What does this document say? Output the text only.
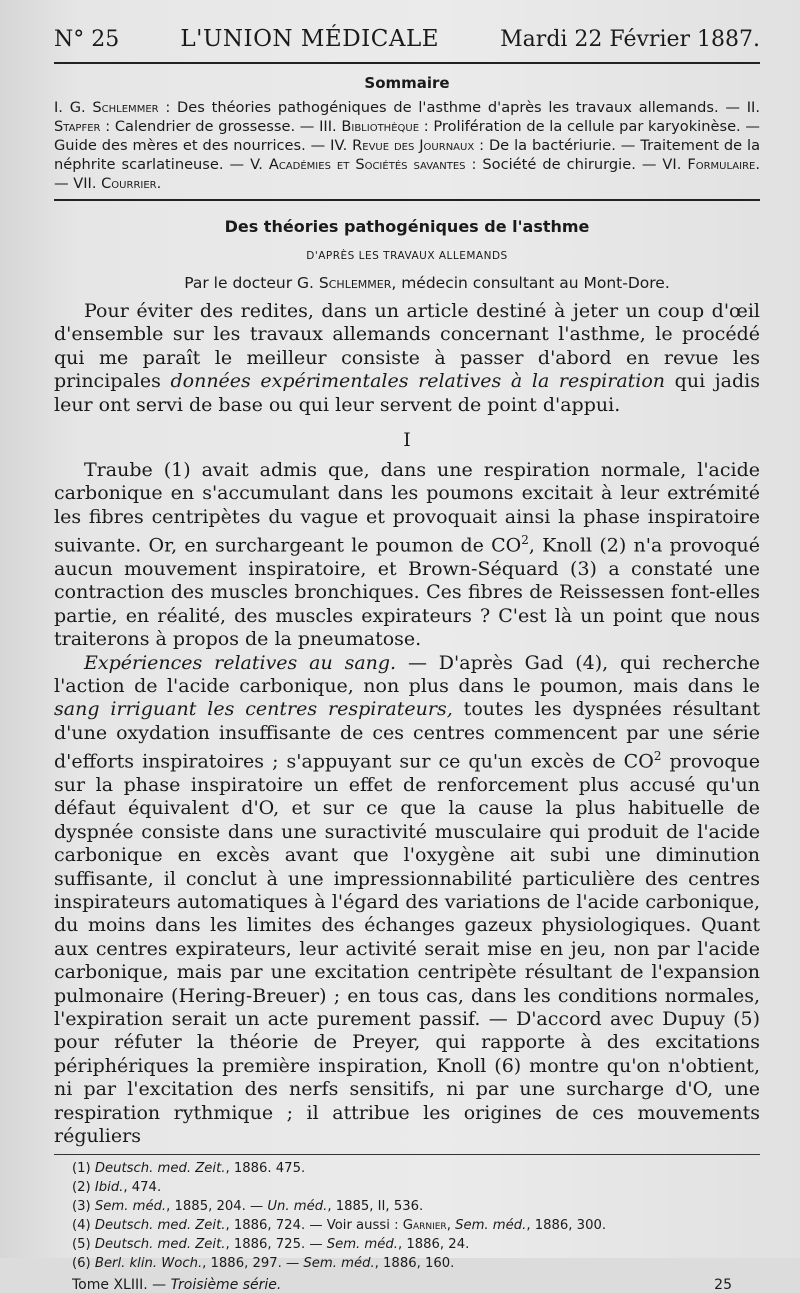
N° 25	L'UNION MÉDICALE	Mardi 22 Février 1887.
Sommaire

I. G. Schlemmer : Des théories pathogéniques de l'asthme d'après les travaux allemands. — II. Stapfer : Calendrier de grossesse. — III. Bibliothèque : Prolifération de la cellule par karyokinèse. — Guide des mères et des nourrices. — IV. Revue des Journaux : De la bactériurie. — Traitement de la néphrite scarlatineuse. — V. Académies et Sociétés savantes : Société de chirurgie. — VI. Formulaire. — VII. Courrier.

Des théories pathogéniques de l'asthme
D'APRÈS LES TRAVAUX ALLEMANDS
Par le docteur G. Schlemmer, médecin consultant au Mont-Dore.

Pour éviter des redites, dans un article destiné à jeter un coup d'œil d'ensemble sur les travaux allemands concernant l'asthme, le procédé qui me paraît le meilleur consiste à passer d'abord en revue les principales données expérimentales relatives à la respiration qui jadis leur ont servi de base ou qui leur servent de point d'appui.

I

Traube (1) avait admis que, dans une respiration normale, l'acide carbonique en s'accumulant dans les poumons excitait à leur extrémité les fibres centripètes du vague et provoquait ainsi la phase inspiratoire suivante. Or, en surchargeant le poumon de $CO^2$, Knoll (2) n'a provoqué aucun mouvement inspiratoire, et Brown-Séquard (3) a constaté une contraction des muscles bronchiques. Ces fibres de Reissessen font-elles partie, en réalité, des muscles expirateurs ? C'est là un point que nous traiterons à propos de la pneumatose.

Expériences relatives au sang. — D'après Gad (4), qui recherche l'action de l'acide carbonique, non plus dans le poumon, mais dans le sang irriguant les centres respirateurs, toutes les dyspnées résultant d'une oxydation insuffisante de ces centres commencent par une série d'efforts inspiratoires ; s'appuyant sur ce qu'un excès de $CO^2$ provoque sur la phase inspiratoire un effet de renforcement plus accusé qu'un défaut équivalent d'O, et sur ce que la cause la plus habituelle de dyspnée consiste dans une suractivité musculaire qui produit de l'acide carbonique en excès avant que l'oxygène ait subi une diminution suffisante, il conclut à une impressionnabilité particulière des centres inspirateurs automatiques à l'égard des variations de l'acide carbonique, du moins dans les limites des échanges gazeux physiologiques. Quant aux centres expirateurs, leur activité serait mise en jeu, non par l'acide carbonique, mais par une excitation centripète résultant de l'expansion pulmonaire (Hering-Breuer) ; en tous cas, dans les conditions normales, l'expiration serait un acte purement passif. — D'accord avec Dupuy (5) pour réfuter la théorie de Preyer, qui rapporte à des excitations périphériques la première inspiration, Knoll (6) montre qu'on n'obtient, ni par l'excitation des nerfs sensitifs, ni par une surcharge d'O, une respiration rythmique ; il attribue les origines de ces mouvements réguliers

(1) Deutsch. med. Zeit., 1886. 475.
(2) Ibid., 474.
(3) Sem. méd., 1885, 204. — Un. méd., 1885, II, 536.
(4) Deutsch. med. Zeit., 1886, 724. — Voir aussi : Garnier, Sem. méd., 1886, 300.
(5) Deutsch. med. Zeit., 1886, 725. — Sem. méd., 1886, 24.
(6) Berl. klin. Woch., 1886, 297. — Sem. méd., 1886, 160.
Tome XLIII. — Troisième série.	25
